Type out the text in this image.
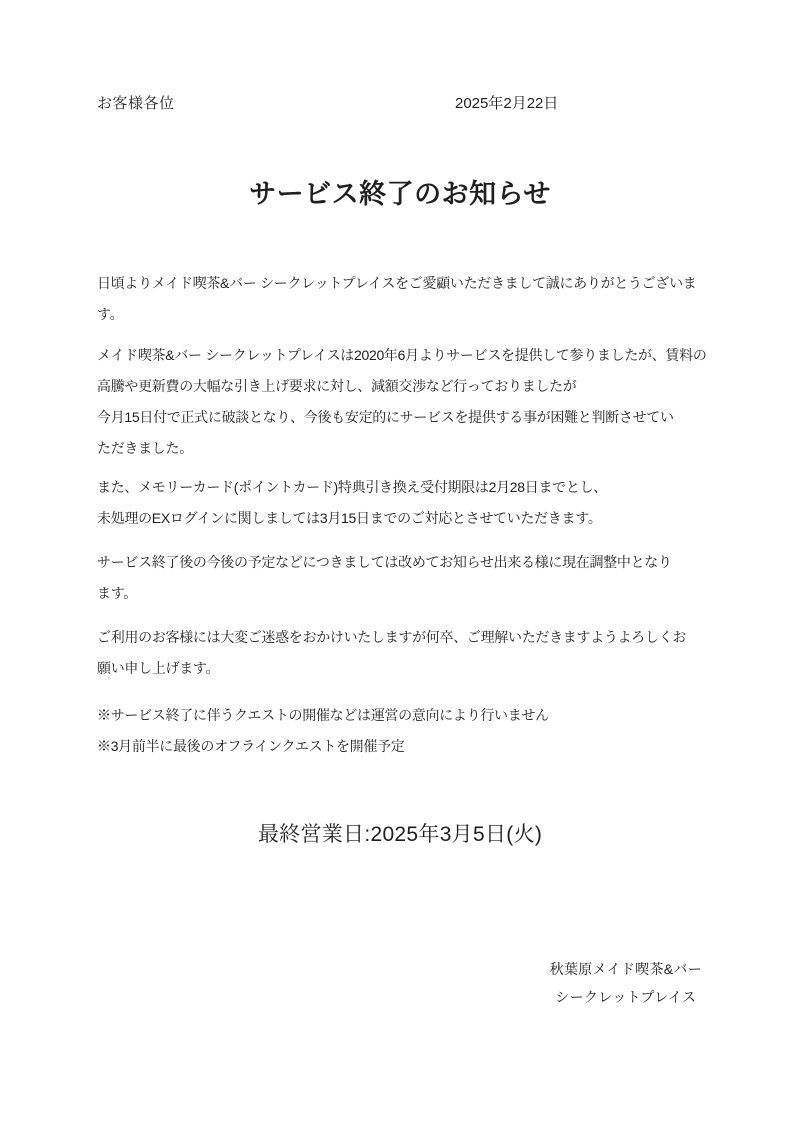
お客様各位	2025年2月22日
サービス終了のお知らせ
日頃よりメイド喫茶&バー シークレットプレイスをご愛顧いただきまして誠にありがとうございま
す。
メイド喫茶&バー シークレットプレイスは2020年6月よりサービスを提供して参りましたが、賃料の
高騰や更新費の大幅な引き上げ要求に対し、減額交渉など行っておりましたが
今月15日付で正式に破談となり、今後も安定的にサービスを提供する事が困難と判断させてい
ただきました。
また、メモリーカード(ポイントカード)特典引き換え受付期限は2月28日までとし、
未処理のEXログインに関しましては3月15日までのご対応とさせていただきます。
サービス終了後の今後の予定などにつきましては改めてお知らせ出来る様に現在調整中となり
ます。
ご利用のお客様には大変ご迷惑をおかけいたしますが何卒、ご理解いただきますようよろしくお
願い申し上げます。
※サービス終了に伴うクエストの開催などは運営の意向により行いません
※3月前半に最後のオフラインクエストを開催予定
最終営業日:2025年3月5日(火)
秋葉原メイド喫茶&バー
シークレットプレイス
